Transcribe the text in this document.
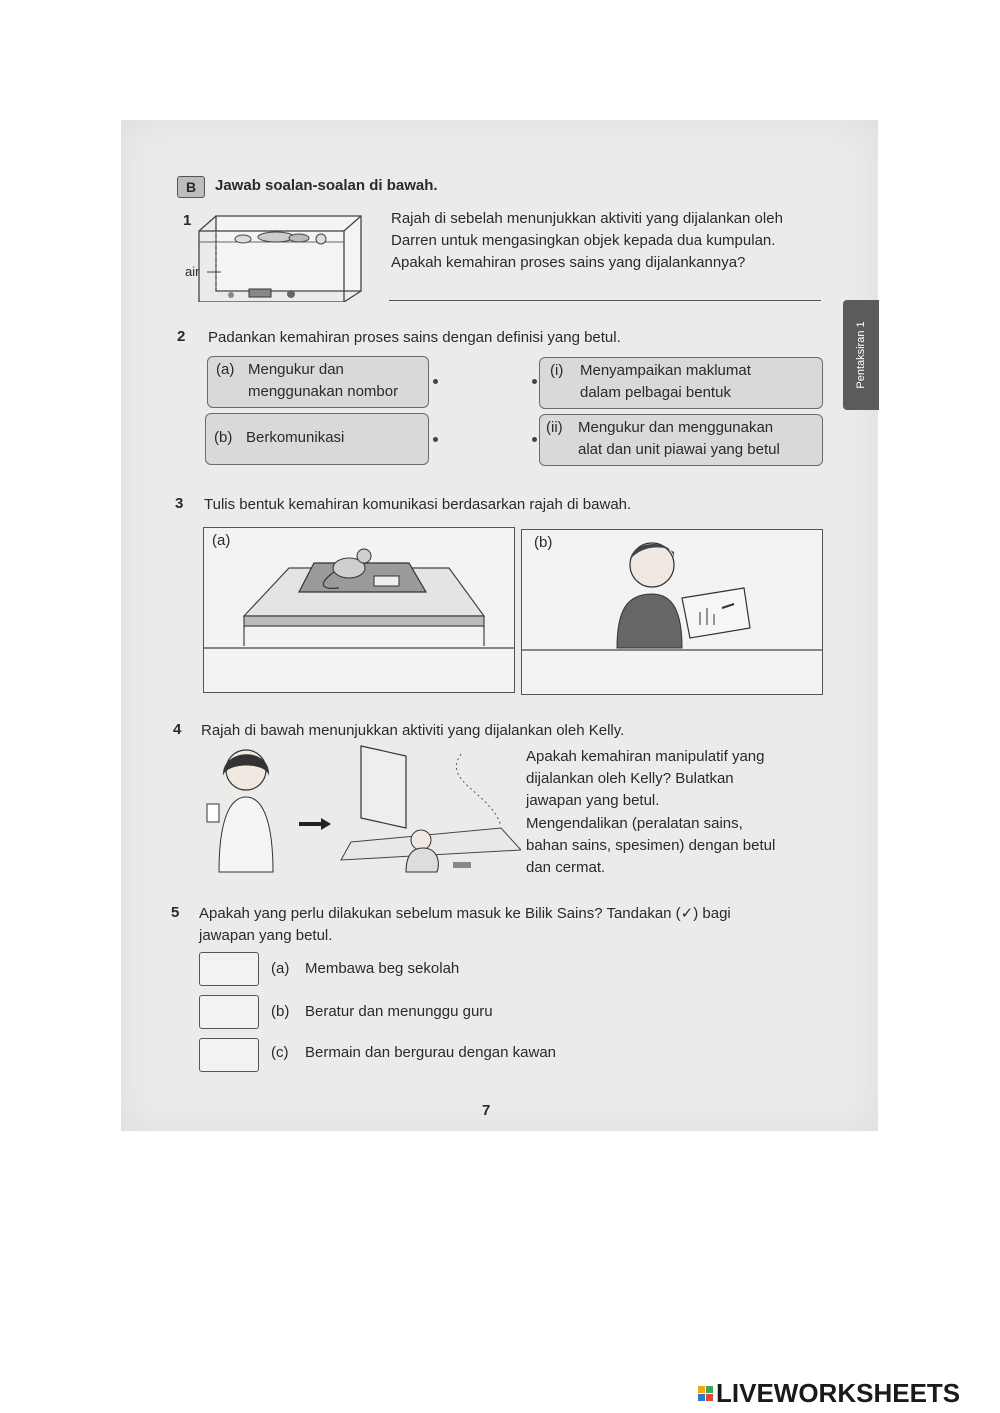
B	Jawab soalan-soalan di bawah.
1
air
Rajah di sebelah menunjukkan aktiviti yang dijalankan oleh
Darren untuk mengasingkan objek kepada dua kumpulan.
Apakah kemahiran proses sains yang dijalankannya?
2 Padankan kemahiran proses sains dengan definisi yang betul.
(a) Mengukur dan
menggunakan nombor
(b) Berkomunikasi
(i) Menyampaikan maklumat
dalam pelbagai bentuk
(ii) Mengukur dan menggunakan
alat dan unit piawai yang betul
3 Tulis bentuk kemahiran komunikasi berdasarkan rajah di bawah.
(a)	(b)
4 Rajah di bawah menunjukkan aktiviti yang dijalankan oleh Kelly.
Apakah kemahiran manipulatif yang
dijalankan oleh Kelly? Bulatkan
jawapan yang betul.
Mengendalikan (peralatan sains,
bahan sains, spesimen) dengan betul
dan cermat.
5 Apakah yang perlu dilakukan sebelum masuk ke Bilik Sains? Tandakan (✓) bagi
jawapan yang betul.
(a) Membawa beg sekolah
(b) Beratur dan menunggu guru
(c) Bermain dan bergurau dengan kawan
7
Pentaksiran 1
LIVEWORKSHEETS
